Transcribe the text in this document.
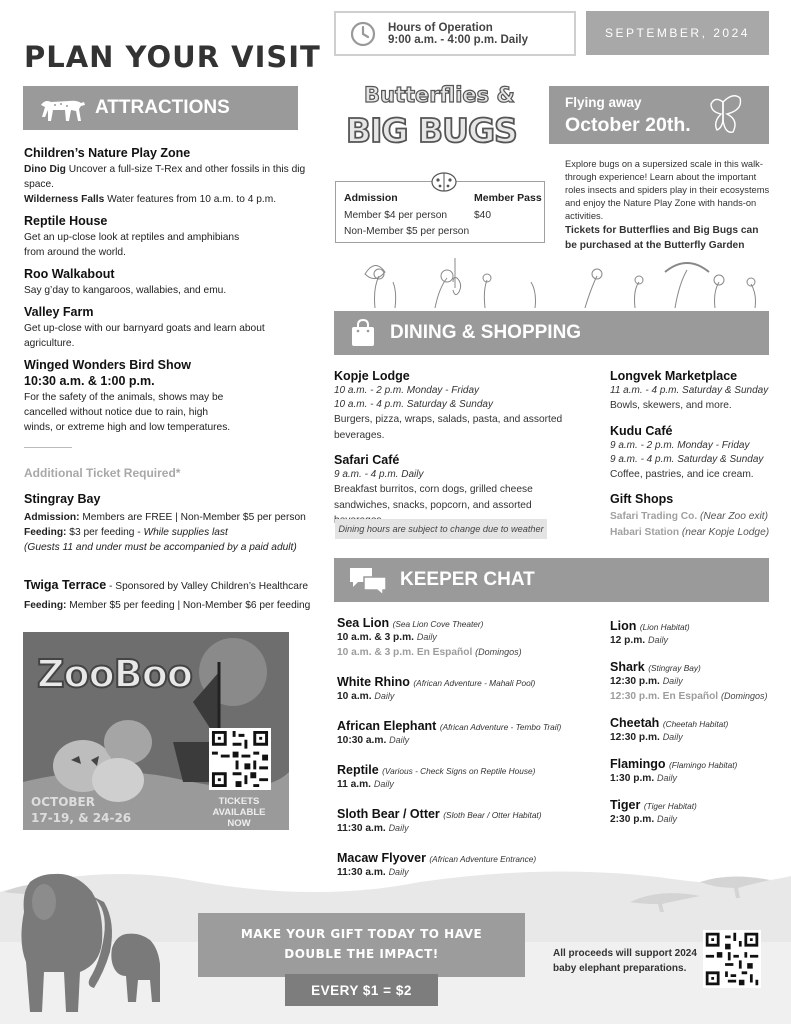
PLAN YOUR VISIT
ATTRACTIONS
Children’s Nature Play Zone
Dino Dig Uncover a full-size T-Rex and other fossils in this dig space.
Wilderness Falls Water features from 10 a.m. to 4 p.m.
Reptile House
Get an up-close look at reptiles and amphibians from around the world.
Roo Walkabout
Say g’day to kangaroos, wallabies, and emu.
Valley Farm
Get up-close with our barnyard goats and learn about agriculture.
Winged Wonders Bird Show
10:30 a.m. & 1:00 p.m.
For the safety of the animals, shows may be cancelled without notice due to rain, high winds, or extreme high and low temperatures.
Additional Ticket Required*
Stingray Bay
Admission: Members are FREE | Non-Member $5 per person
Feeding: $3 per feeding - While supplies last
(Guests 11 and under must be accompanied by a paid adult)
Twiga Terrace - Sponsored by Valley Children’s Healthcare
Feeding: Member $5 per feeding | Non-Member $6 per feeding
ZooBoo
OCTOBER
17-19, & 24-26
TICKETS
AVAILABLE NOW
Hours of Operation
9:00 a.m. - 4:00 p.m. Daily	SEPTEMBER, 2024
Butterflies &
BIG BUGS
Flying away
October 20th.
Admission
Member $4 per person
Non-Member $5 per person
Member Pass
$40
Explore bugs on a supersized scale in this walk-through experience! Learn about the important roles insects and spiders play in their ecosystems and enjoy the Nature Play Zone with hands-on activities.
Tickets for Butterflies and Big Bugs can be purchased at the Butterfly Garden
DINING & SHOPPING
Kopje Lodge
10 a.m. - 2 p.m. Monday - Friday
10 a.m. - 4 p.m. Saturday & Sunday
Burgers, pizza, wraps, salads, pasta, and assorted beverages.
Safari Café
9 a.m. - 4 p.m. Daily
Breakfast burritos, corn dogs, grilled cheese sandwiches, snacks, popcorn, and assorted
Dining hours are subject to change due to weather
Longvek Marketplace
11 a.m. - 4 p.m. Saturday & Sunday
Bowls, skewers, and more.
Kudu Café
9 a.m. - 2 p.m. Monday - Friday
9 a.m. - 4 p.m. Saturday & Sunday
Coffee, pastries, and ice cream.
Gift Shops
Safari Trading Co. (Near Zoo exit)
Habari Station (near Kopje Lodge)
KEEPER CHAT
Sea Lion (Sea Lion Cove Theater)
10 a.m. & 3 p.m. Daily
10 a.m. & 3 p.m. En Español (Domingos)
White Rhino (African Adventure - Mahali Pool)
10 a.m. Daily
African Elephant (African Adventure - Tembo Trail)
10:30 a.m. Daily
Reptile (Various - Check Signs on Reptile House)
11 a.m. Daily
Sloth Bear / Otter (Sloth Bear / Otter Habitat)
11:30 a.m. Daily
Macaw Flyover (African Adventure Entrance)
11:30 a.m. Daily
Lion (Lion Habitat)
12 p.m. Daily
Shark (Stingray Bay)
12:30 p.m. Daily
12:30 p.m. En Español (Domingos)
Cheetah (Cheetah Habitat)
12:30 p.m. Daily
Flamingo (Flamingo Habitat)
1:30 p.m. Daily
Tiger (Tiger Habitat)
2:30 p.m. Daily
MAKE YOUR GIFT TODAY TO HAVE
DOUBLE THE IMPACT!
EVERY $1 = $2
All proceeds will support 2024 baby elephant preparations.
